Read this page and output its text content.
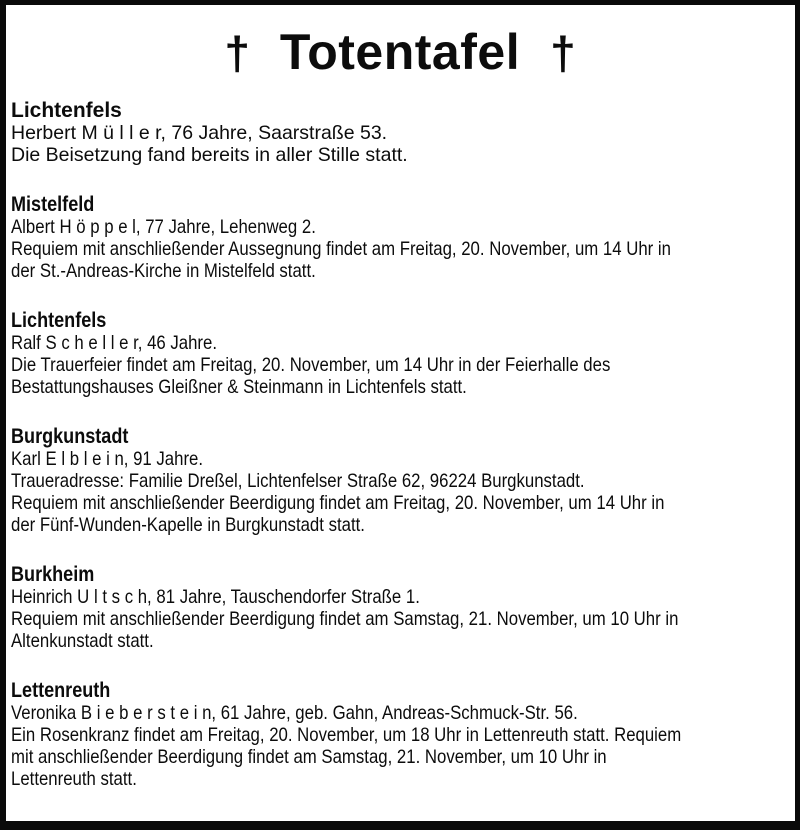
† Totentafel †
Lichtenfels
Herbert M ü l l e r, 76 Jahre, Saarstraße 53.
Die Beisetzung fand bereits in aller Stille statt.
Mistelfeld
Albert H ö p p e l, 77 Jahre, Lehenweg 2.
Requiem mit anschließender Aussegnung findet am Freitag, 20. November, um 14 Uhr in
der St.-Andreas-Kirche in Mistelfeld statt.
Lichtenfels
Ralf S c h e l l e r, 46 Jahre.
Die Trauerfeier findet am Freitag, 20. November, um 14 Uhr in der Feierhalle des
Bestattungshauses Gleißner & Steinmann in Lichtenfels statt.
Burgkunstadt
Karl E l b l e i n, 91 Jahre.
Traueradresse: Familie Dreßel, Lichtenfelser Straße 62, 96224 Burgkunstadt.
Requiem mit anschließender Beerdigung findet am Freitag, 20. November, um 14 Uhr in
der Fünf-Wunden-Kapelle in Burgkunstadt statt.
Burkheim
Heinrich U l t s c h, 81 Jahre, Tauschendorfer Straße 1.
Requiem mit anschließender Beerdigung findet am Samstag, 21. November, um 10 Uhr in
Altenkunstadt statt.
Lettenreuth
Veronika B i e b e r s t e i n, 61 Jahre, geb. Gahn, Andreas-Schmuck-Str. 56.
Ein Rosenkranz findet am Freitag, 20. November, um 18 Uhr in Lettenreuth statt. Requiem
mit anschließender Beerdigung findet am Samstag, 21. November, um 10 Uhr in
Lettenreuth statt.
